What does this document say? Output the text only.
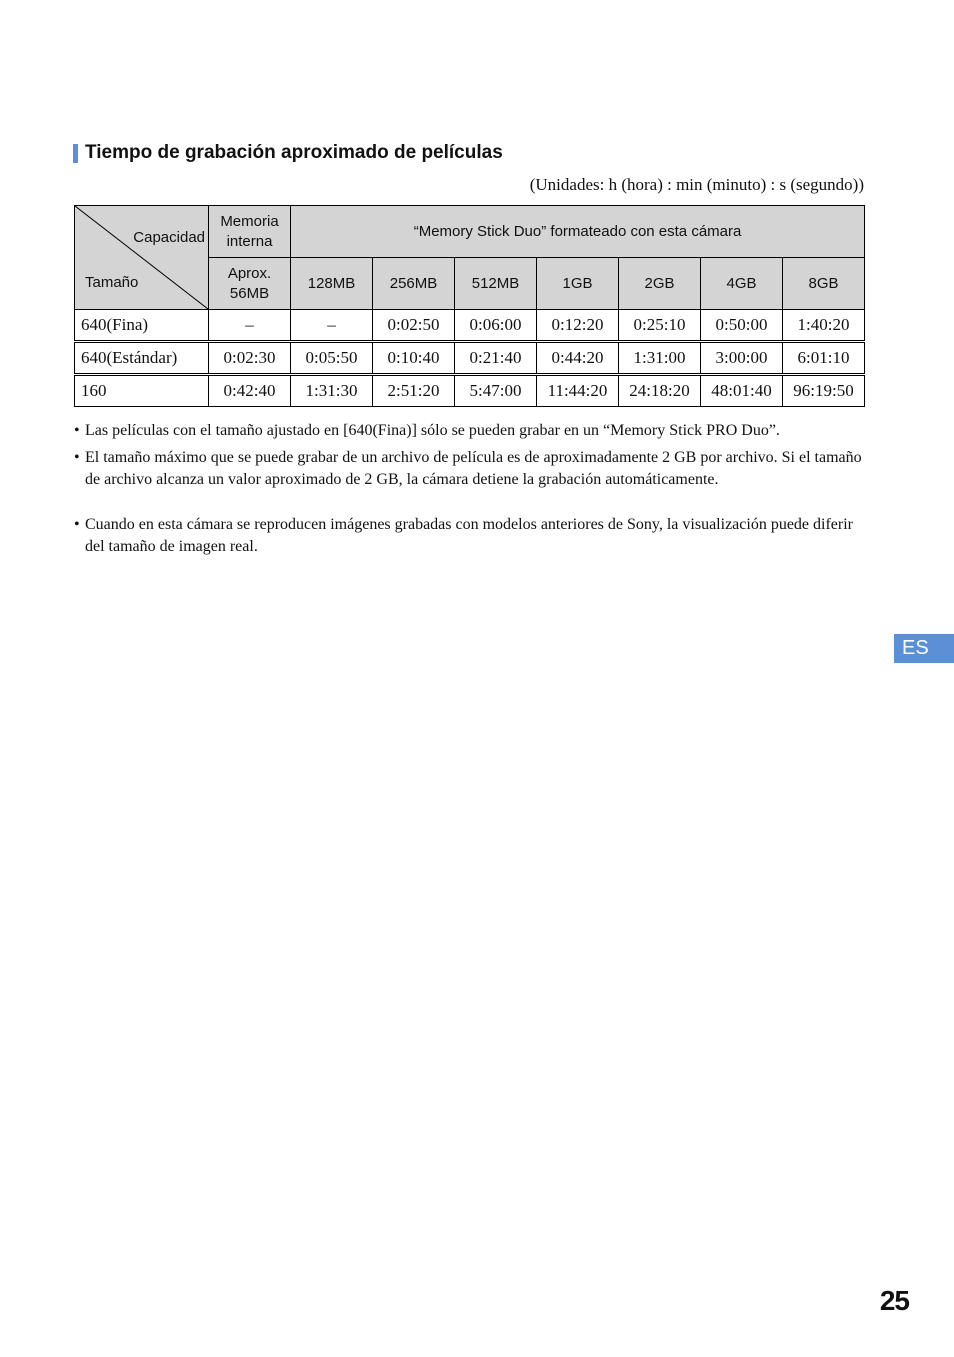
Tiempo de grabación aproximado de películas
(Unidades: h (hora) : min (minuto) : s (segundo))
Capacidad
Tamaño	Memoria interna	“Memory Stick Duo” formateado con esta cámara						
	Aprox. 56MB	128MB	256MB	512MB	1GB	2GB	4GB	8GB
640(Fina)	–	–	0:02:50	0:06:00	0:12:20	0:25:10	0:50:00	1:40:20
640(Estándar)	0:02:30	0:05:50	0:10:40	0:21:40	0:44:20	1:31:00	3:00:00	6:01:10
160	0:42:40	1:31:30	2:51:20	5:47:00	11:44:20	24:18:20	48:01:40	96:19:50

• Las películas con el tamaño ajustado en [640(Fina)] sólo se pueden grabar en un “Memory Stick PRO Duo”.

• El tamaño máximo que se puede grabar de un archivo de película es de aproximadamente 2 GB por archivo. Si el tamaño de archivo alcanza un valor aproximado de 2 GB, la cámara detiene la grabación automáticamente.

• Cuando en esta cámara se reproducen imágenes grabadas con modelos anteriores de Sony, la visualización puede diferir del tamaño de imagen real.

ES
25
